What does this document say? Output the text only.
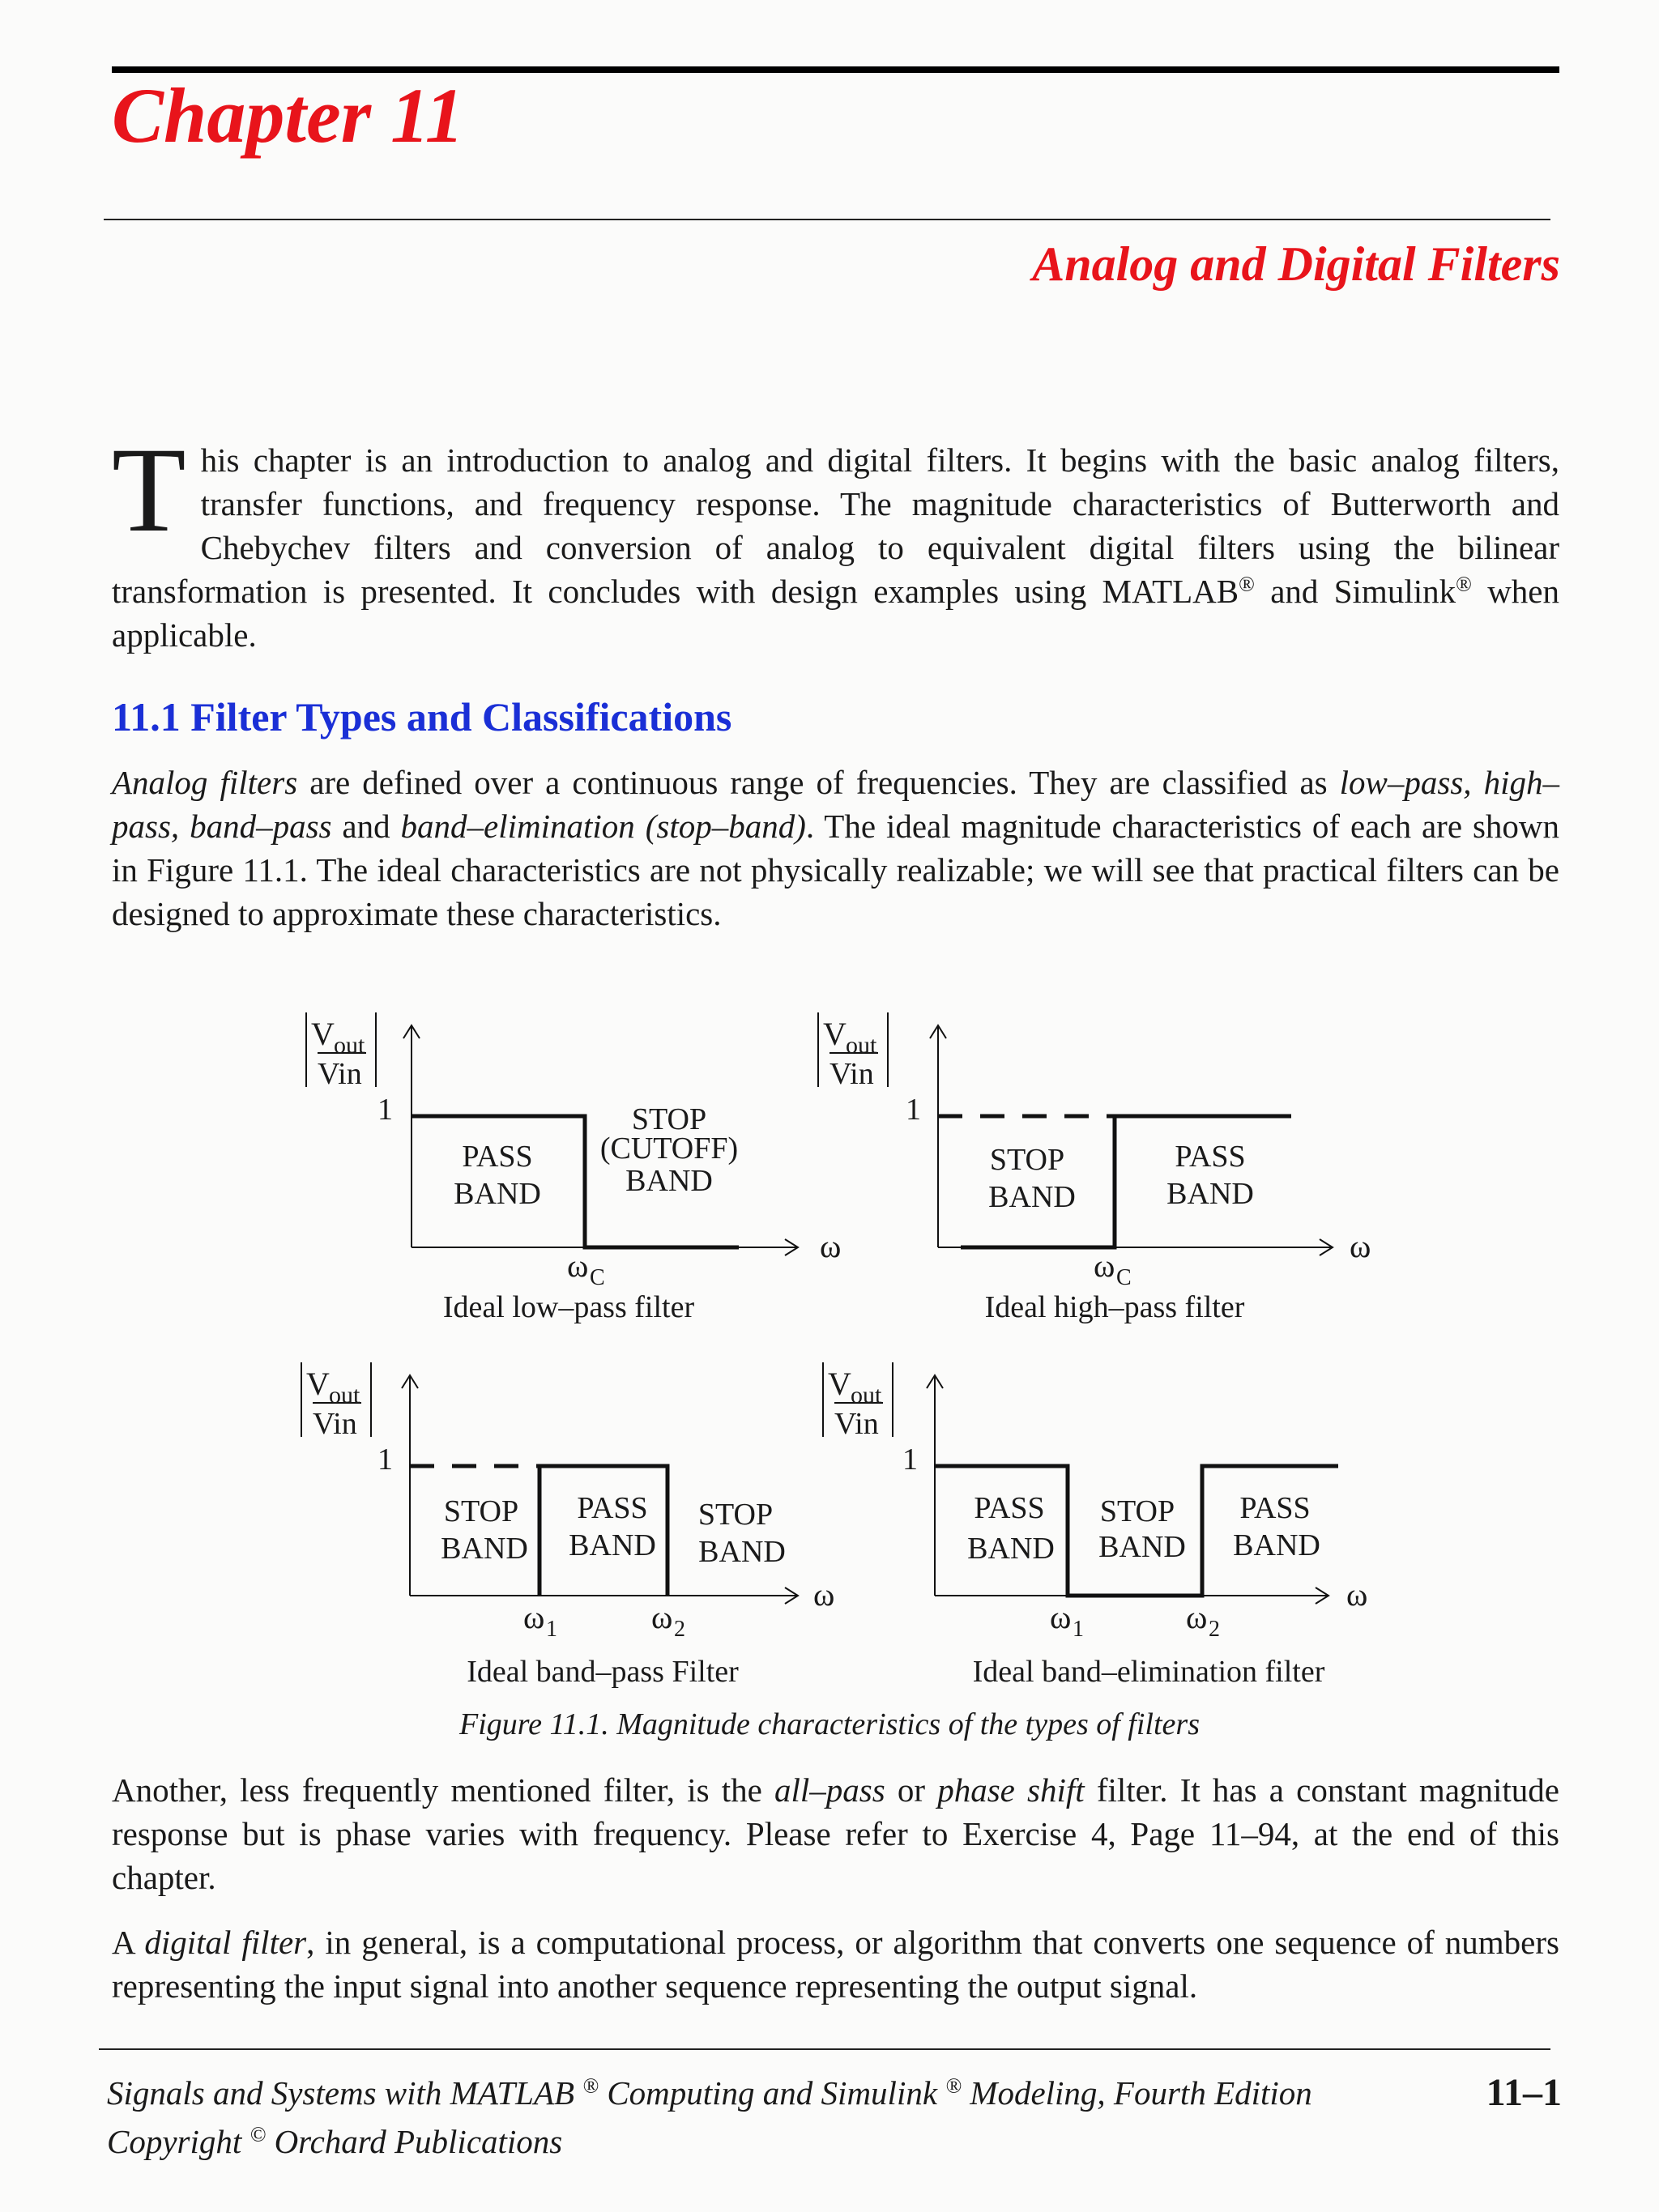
Chapter 11
Analog and Digital Filters

This chapter is an introduction to analog and digital filters. It begins with the basic analog filters, transfer functions, and frequency response. The magnitude characteristics of Butterworth and Chebychev filters and conversion of analog to equivalent digital filters using the bilinear transformation is presented. It concludes with design examples using MATLAB® and Simulink® when applicable.

11.1 Filter Types and Classifications

Analog filters are defined over a continuous range of frequencies. They are classified as low–pass, high–pass, band–pass and band–elimination (stop–band). The ideal magnitude characteristics of each are shown in Figure 11.1. The ideal characteristics are not physically realizable; we will see that practical filters can be designed to approximate these characteristics.

V out
Vin
ω
1
PASS
BAND
STOP
(CUTOFF)
BAND
ω C
Ideal low–pass filter
V out
Vin
ω
1
STOP
BAND
PASS
BAND
ω C
Ideal high–pass filter
V out
Vin
ω
1
STOP
BAND
PASS
BAND
STOP
BAND
ω 1	ω 2
Ideal band–pass Filter
V out
Vin
ω
1
PASS
BAND
STOP
BAND
PASS
BAND
ω 1	ω 2
Ideal band–elimination filter

Figure 11.1. Magnitude characteristics of the types of filters

Another, less frequently mentioned filter, is the all–pass or phase shift filter. It has a constant magnitude response but is phase varies with frequency. Please refer to Exercise 4, Page 11–94, at the end of this chapter.

A digital filter, in general, is a computational process, or algorithm that converts one sequence of numbers representing the input signal into another sequence representing the output signal.

Signals and Systems with MATLAB ® Computing and Simulink ® Modeling, Fourth Edition	11–1

Copyright © Orchard Publications
